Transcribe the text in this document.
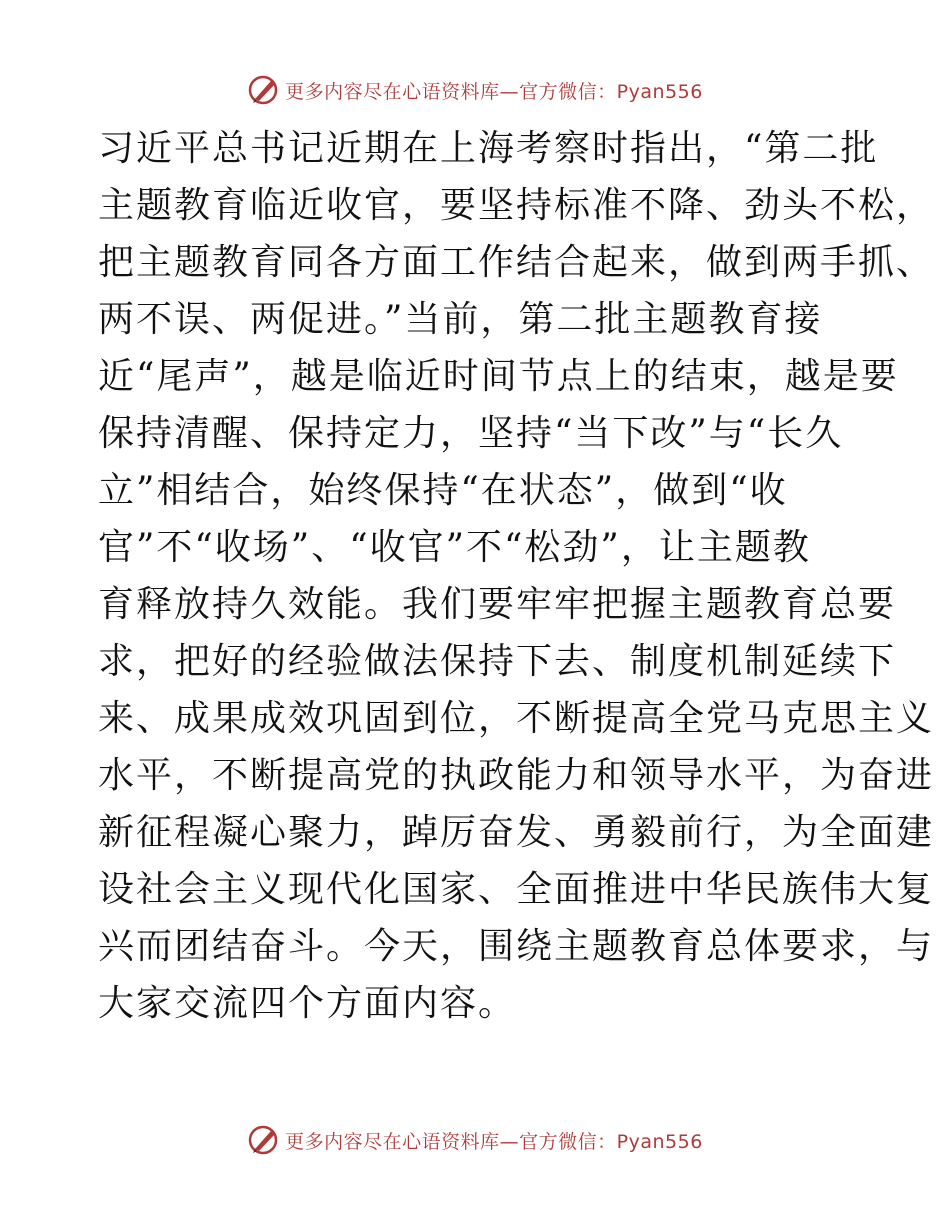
更多内容尽在心语资料库—官方微信：Pyan556
习近平总书记近期在上海考察时指出，“第二批
主题教育临近收官，要坚持标准不降、劲头不松，
把主题教育同各方面工作结合起来，做到两手抓、
两不误、两促进。”当前，第二批主题教育接
近“尾声”，越是临近时间节点上的结束，越是要
保持清醒、保持定力，坚持“当下改”与“长久
立”相结合，始终保持“在状态”，做到“收
官”不“收场”、“收官”不“松劲”，让主题教
育释放持久效能。我们要牢牢把握主题教育总要
求，把好的经验做法保持下去、制度机制延续下
来、成果成效巩固到位，不断提高全党马克思主义
水平，不断提高党的执政能力和领导水平，为奋进
新征程凝心聚力，踔厉奋发、勇毅前行，为全面建
设社会主义现代化国家、全面推进中华民族伟大复
兴而团结奋斗。今天，围绕主题教育总体要求，与
大家交流四个方面内容。
更多内容尽在心语资料库—官方微信：Pyan556
